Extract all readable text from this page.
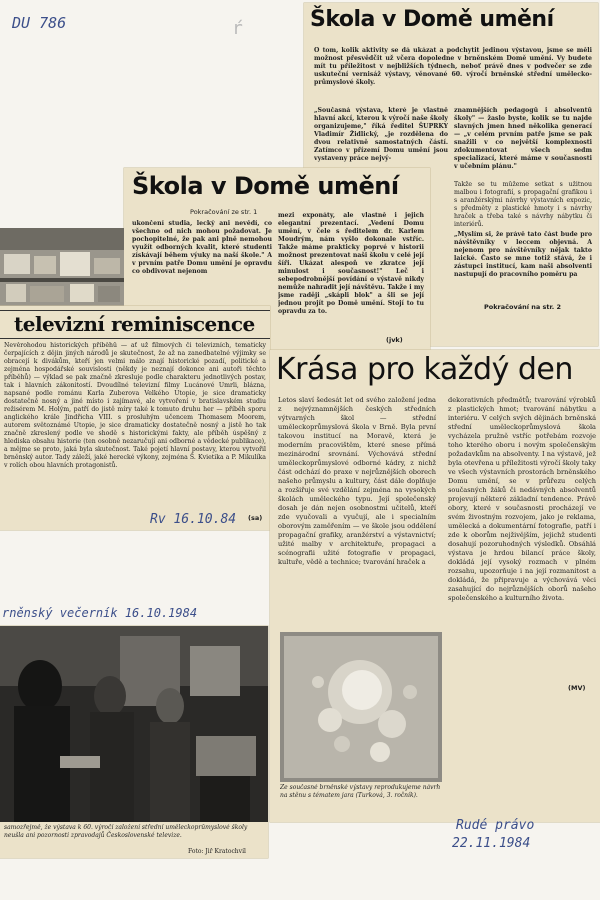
DU 786	ŕ	Škola v Domě umění
O tom, kolik aktivity se dá ukázat a podchytit jedinou výstavou, jsme se měli možnost přesvědčit už včera dopoledne v brněnském Domě umění. Vy budete mít tu příležitost v nejbližších týdnech, neboť právě dnes v podvečer se zde uskuteční vernisáž výstavy, věnované 60. výročí brněnské střední umělecko-průmyslové školy.
„Současná výstava, které je vlastně hlavní akcí, kterou k výročí naše školy organizujeme," říká ředitel ŠUPRKY Vladimír Židlický, „je rozdělena do dvou relativně samostatných částí. Zatímco v přízemí Domu umění jsou vystaveny práce nejvý-
znamnějších pedagogů i absolventů školy" — žaslo byste, kolik se tu najde slavných jmen hned několika generací — „v celém prvním patře jsme se pak snažili v co největší komplexnosti zdokumentovat všech sedm specializací, které máme v současnosti v učebním plánu."
Takže se tu můžeme setkat s užitnou malbou i fotografií, s propagační grafikou i s aranžérskými návrhy výstavních expozic, s předměty z plastické hmoty i s návrhy hraček a třeba také s návrhy nábytku či interiérů.
„Myslím si, že právě tato část bude pro návštěvníky v leccem objevná. A nejenom pro návštěvníky nějak takto laické. Často se mne totiž stává, že i zástupci institucí, kam naši absolventi nastupují do pracovního poměru pa
Pokračování na str. 2
Škola v Domě umění
Pokračování ze str. 1
ukončení studia, lecký ani nevědí, co všechno od nich mohou požadovat. Je pochopitelné, že pak ani plně nemohou využít odborných kvalit, které studenti získávají během výuky na naší škole." A v prvním patře Domu umění je opravdu co obdivovat nejenom
mezi exponáty, ale vlastně i jejich elegantní prezentací. „Vedení Domu umění, v čele s ředitelem dr. Karlem Moudrým, nám vyšlo dokonale vstříc. Takže máme prakticky poprvé v historii možnost prezentovat naši školu v celé její šíři. Ukázat alespoň ve zkratce její minulost i současnost!" Leč i sebepodrobnější povídání o výstavě nikdy nemůže nahradit její návštěvu. Takže i my jsme raději „skápli blok" a šli se její jednou projít po Domě umění. Stojí to tu opravdu za to.
(jvk)
televizní reminiscence
Nevěrohodou historických příběhů — ať už filmových či televizních, tematicky čerpajících z dějin jiných národů je skutečnost, že až na zanedbatelné výjimky se obracejí k divákům, kteří jen velmi málo znají historické pozadí, politické a zejména hospodářské souvislosti (někdy je neznají dokonce ani autoři těchto příběhů) — výklad se pak značně zkresluje podle charakteru jednotlivých postav, tak i hlavních zákonitostí. Dvoudílné televizní filmy Lucánové Umrli, blázna, napsané podle románu Karla Zuberova Velkého Utopie, je sice dramaticky dostatečně nosný a jiné místo i zajímavé, ale vytvoření v bratislavském studiu režisérem M. Holým, patří do jistě míry také k tomuto druhu her — příběh sporu anglického krále Jindřicha VIII. s prosluhým učencem Thomasem Moorem, autorem světoznámé Utopie, je sice dramaticky dostatečně nosný a jistě ho tak značně zkreslený podle ve shodě s historickými fakty, ale příběh úspěšný z hlediska obsahu historie (ten osobně nezaručují ani odborné a vědecké publikace), a mějme se proto, jaká byla skutečnost. Také pojetí hlavní postavy, kterou vytvořil brněnský autor. Tady záleží, jaké herecké výkony, zejména Š. Kvietika a P. Mikulíka v rolích obou hlavních protagonistů.
(sa)
Rv 16.10.84
Krása pro každý den
Letos slaví šedesát let od svého založení jedna z nejvýznamnějších českých středních výtvarných škol — střední uměleckoprůmyslová škola v Brně. Byla první takovou institucí na Moravě, která je moderním pracovištěm, které snese přímá mezinárodní srovnání. Výchovává střední uměleckoprůmyslové odborné kádry, z nichž část odchází do praxe v nejrůznějších oborech našeho průmyslu a kultury, část dále doplňuje a rozšiřuje své vzdělání zejména na vysokých školách uměleckého typu. Její společenský dosah je dán nejen osobnostmi učitelů, kteří zde vyučovali a vyučují, ale i specialním oborovým zaměřením — ve škole jsou oddělení propagační grafiky, aranžérství a výstavnictví; užité malby v architektuře, propagaci a scénografii užité fotografie v propagaci, kultuře, vědě a technice; tvarování hraček a
dekorativních předmětů; tvarování výrobků z plastických hmot; tvarování nábytku a interiéru. V celých svých dějinách brněnská střední uměleckoprůmyslová škola vycházela pružně vstříc potřebám rozvoje toho kterého oboru i novým společenským požadavkům na absolventy. I na výstavě, jež byla otevřena u příležitosti výročí školy taky ve všech výstavních prostorách brněnského Domu umění, se v průřezu celých současných žáků či nedávných absolventů projevují některé základní tendence. Právě obory, které v současnosti procházejí ve svém živostným rozvojem, jako je reklama, umělecká a dokumentární fotografie, patří i zde k oborům nejživějším, jejichž studenti dosahují pozoruhodných výsledků. Obsáhlá výstava je hrdou bilancí práce školy, dokládá její vysoký rozmach v plném rozsahu, upozorňuje i na její rozmanitost a dokládá, že připravuje a výchovává věci zasahující do nejrůznějších oborů našeho společenského a kulturního života.
(MV)
Ze současné brněnské výstavy reprodukujeme návrh na stěnu s tématem jara (Turková, 3. ročník).
rněnský večerník 16.10.1984
Rudé právo
22.11.1984
samozřejmě, že výstava k 60. výročí založení střední uměleckoprůmyslové školy neušla ani pozornosti zpravodajů Československé televize.
Foto: Jiř Kratochvíl
